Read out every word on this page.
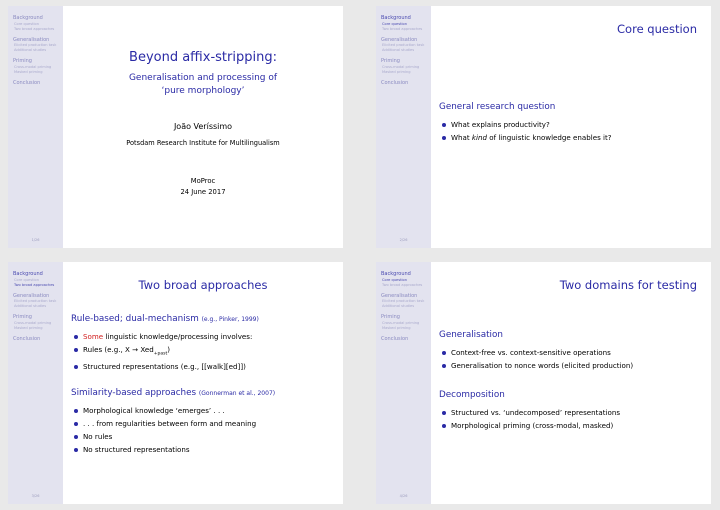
Background
Core question
Two broad approaches
Generalisation
Elicited production task
Additional studies
Priming
Cross-modal priming
Masked priming
Conclusion
1/26
Beyond affix-stripping:
Generalisation and processing of
‘pure morphology’
João Veríssimo
Potsdam Research Institute for Multilingualism
MoProc
24 June 2017
Background
Core question
Two broad approaches
Generalisation
Elicited production task
Additional studies
Priming
Cross-modal priming
Masked priming
Conclusion
2/26
Core question
General research question
What explains productivity?
What kind of linguistic knowledge enables it?
Background
Core question
Two broad approaches
Generalisation
Elicited production task
Additional studies
Priming
Cross-modal priming
Masked priming
Conclusion
3/26
Two broad approaches
Rule-based; dual-mechanism (e.g., Pinker, 1999)
Some linguistic knowledge/processing involves:
Rules (e.g., X → Xed$_{+past}$)
Structured representations (e.g., [[walk][ed]])
Similarity-based approaches (Gonnerman et al., 2007)
Morphological knowledge ‘emerges’ . . .
. . . from regularities between form and meaning
No rules
No structured representations
Background
Core question
Two broad approaches
Generalisation
Elicited production task
Additional studies
Priming
Cross-modal priming
Masked priming
Conclusion
4/26
Two domains for testing
Generalisation
Context-free vs. context-sensitive operations
Generalisation to nonce words (elicited production)
Decomposition
Structured vs. ‘undecomposed’ representations
Morphological priming (cross-modal, masked)
